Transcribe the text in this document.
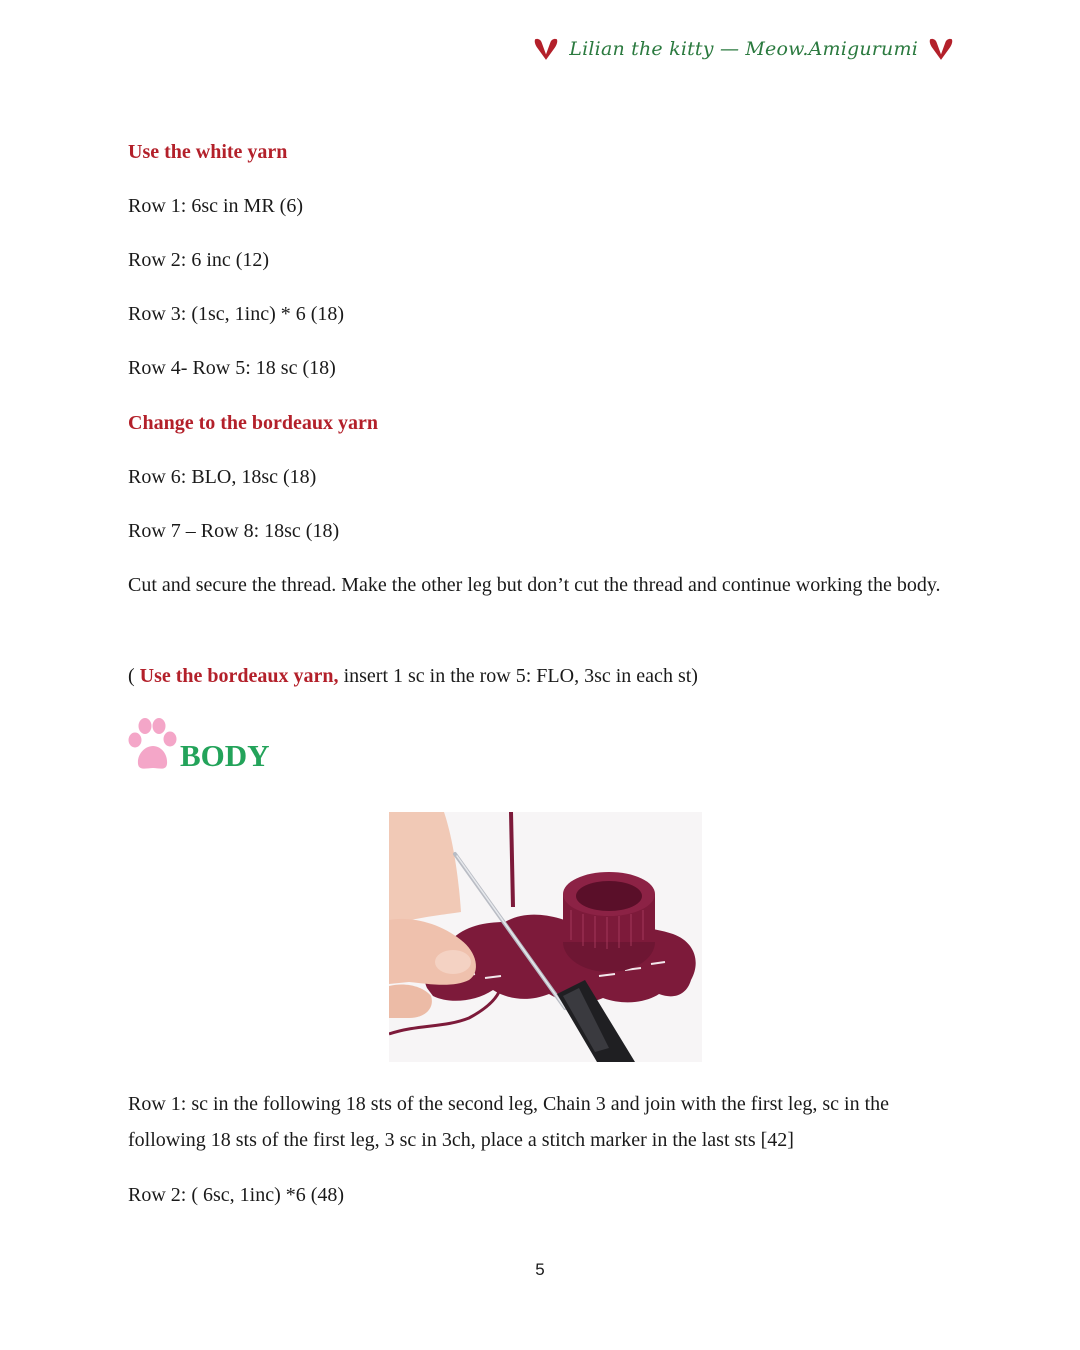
Lilian the kitty — Meow.Amigurumi
Use the white yarn
Row 1: 6sc in MR (6)
Row 2: 6 inc (12)
Row 3: (1sc, 1inc) * 6 (18)
Row 4- Row 5: 18 sc (18)
Change to the bordeaux yarn
Row 6: BLO, 18sc (18)
Row 7 – Row 8: 18sc (18)
Cut and secure the thread. Make the other leg but don’t cut the thread and continue working the body.
( Use the bordeaux yarn, insert 1 sc in the row 5: FLO, 3sc in each st)
BODY
Row 1: sc in the following 18 sts of the second leg, Chain 3 and join with the first leg, sc in the following 18 sts of the first leg, 3 sc in 3ch, place a stitch marker in the last sts [42]
Row 2: ( 6sc, 1inc) *6 (48)
5
